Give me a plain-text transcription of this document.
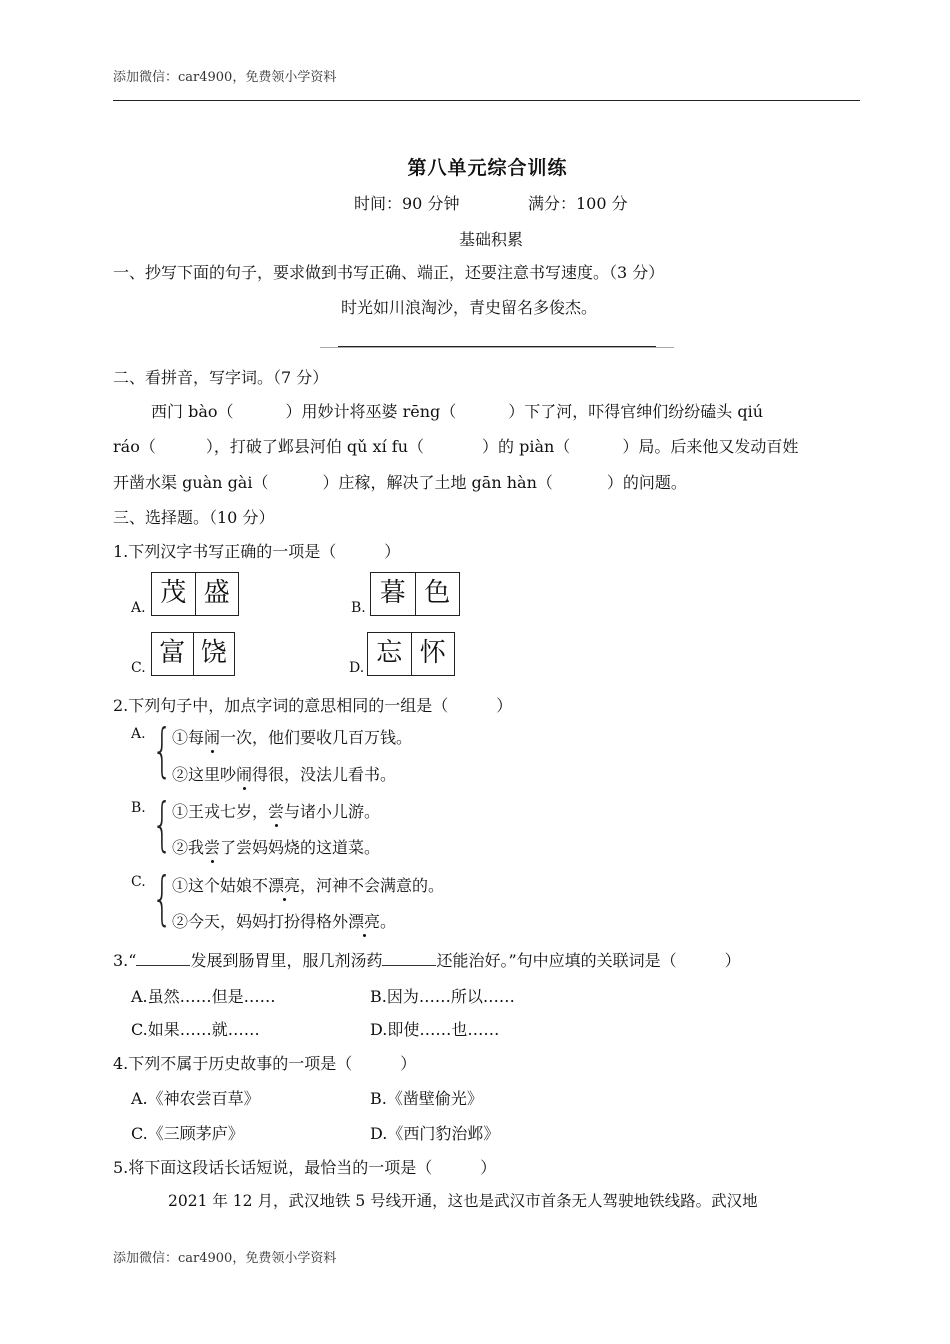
添加微信：car4900，免费领小学资料
第八单元综合训练
时间：90 分钟	满分：100 分
基础积累
一、抄写下面的句子，要求做到书写正确、端正，还要注意书写速度。（3 分）
时光如川浪淘沙，青史留名多俊杰。
二、看拼音，写字词。（7 分）
西门 bào（	）用妙计将巫婆 rēng（	）下了河，吓得官绅们纷纷磕头 qiú
ráo（	），打破了邺县河伯 qǔ xí fu（	）的 piàn（	）局。后来他又发动百姓
开凿水渠 guàn gài（	）庄稼，解决了土地 gān hàn（	）的问题。
三、选择题。（10 分）
1.下列汉字书写正确的一项是（　　　）
A. 茂 盛	B. 暮 色
C. 富 饶	D. 忘 怀
2.下列句子中，加点字词的意思相同的一组是（　　　）
A. { ①每闹一次，他们要收几百万钱。
②这里吵闹得很，没法儿看书。
B. { ①王戎七岁，尝与诸小儿游。
②我尝了尝妈妈烧的这道菜。
C. { ①这个姑娘不漂亮，河神不会满意的。
②今天，妈妈打扮得格外漂亮。
3.“	发展到肠胃里，服几剂汤药	还能治好。”句中应填的关联词是（　　　）
A.虽然……但是……	B.因为……所以……
C.如果……就……	D.即使……也……
4.下列不属于历史故事的一项是（　　　）
A.《神农尝百草》	B.《凿壁偷光》
C.《三顾茅庐》	D.《西门豹治邺》
5.将下面这段话长话短说，最恰当的一项是（　　　）
2021 年 12 月，武汉地铁 5 号线开通，这也是武汉市首条无人驾驶地铁线路。武汉地
添加微信：car4900，免费领小学资料
